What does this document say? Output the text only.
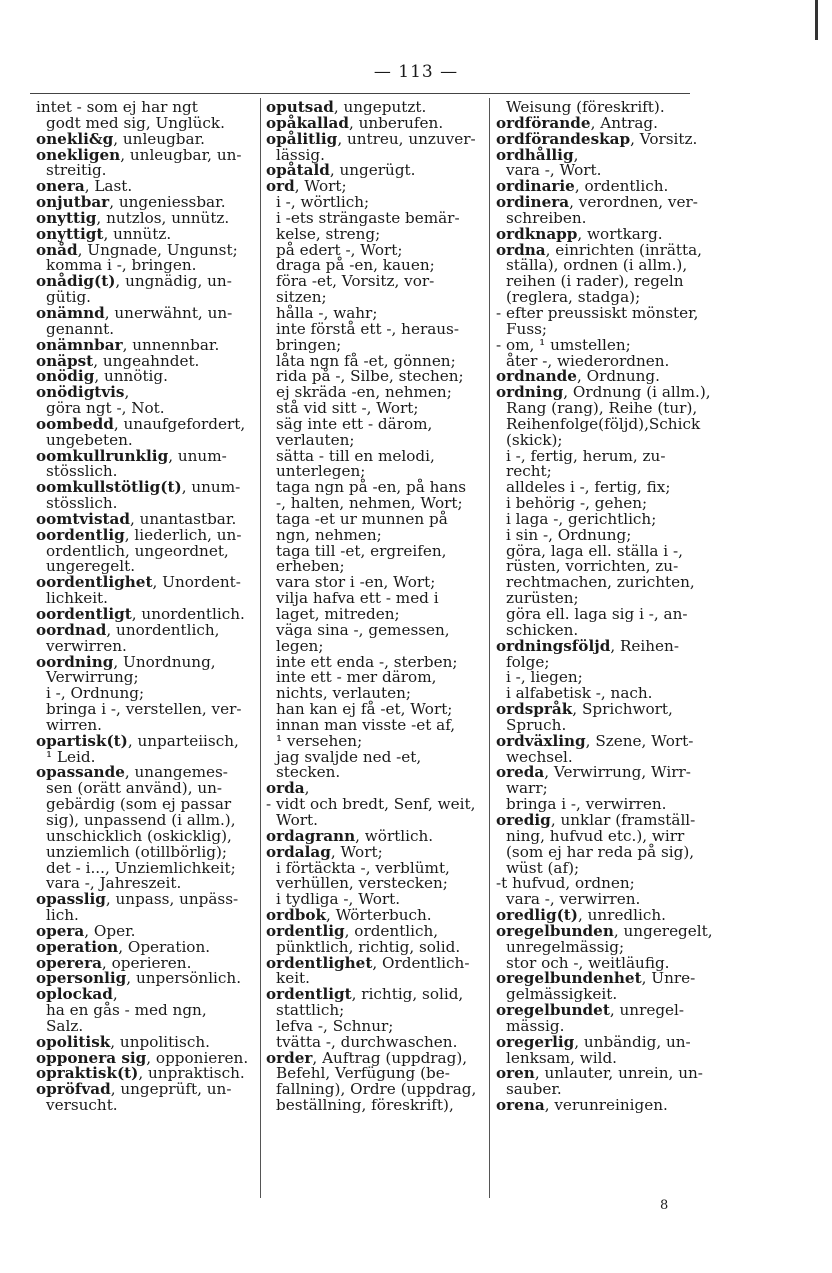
— 113 —
intet - som ej har ngt
godt med sig, Unglück.
onekli&g, unleugbar.
onekligen, unleugbar, un-
streitig.
onera, Last.
onjutbar, ungeniessbar.
onyttig, nutzlos, unnütz.
onyttigt, unnütz.
onåd, Ungnade, Ungunst;
komma i -, bringen.
onådig(t), ungnädig, un-
gütig.
onämnd, unerwähnt, un-
genannt.
onämnbar, unnennbar.
onäpst, ungeahndet.
onödig, unnötig.
onödigtvis,
göra ngt -, Not.
oombedd, unaufgefordert,
ungebeten.
oomkullrunklig, unum-
stösslich.
oomkullstötlig(t), unum-
stösslich.
oomtvistad, unantastbar.
oordentlig, liederlich, un-
ordentlich, ungeordnet,
ungeregelt.
oordentlighet, Unordent-
lichkeit.
oordentligt, unordentlich.
oordnad, unordentlich,
verwirren.
oordning, Unordnung,
Verwirrung;
i -, Ordnung;
bringa i -, verstellen, ver-
wirren.
opartisk(t), unparteiisch,
¹ Leid.
opassande, unangemes-
sen (orätt använd), un-
gebärdig (som ej passar
sig), unpassend (i allm.),
unschicklich (oskicklig),
unziemlich (otillbörlig);
det - i..., Unziemlichkeit;
vara -, Jahreszeit.
opasslig, unpass, unpäss-
lich.
opera, Oper.
operation, Operation.
operera, operieren.
opersonlig, unpersönlich.
oplockad,
ha en gås - med ngn,
Salz.
opolitisk, unpolitisch.
opponera sig, opponieren.
opraktisk(t), unpraktisch.
opröfvad, ungeprüft, un-
versucht.
oputsad, ungeputzt.
opåkallad, unberufen.
opålitlig, untreu, unzuver-
lässig.
opåtald, ungerügt.
ord, Wort;
i -, wörtlich;
i -ets strängaste bemär-
kelse, streng;
på edert -, Wort;
draga på -en, kauen;
föra -et, Vorsitz, vor-
sitzen;
hålla -, wahr;
inte förstå ett -, heraus-
bringen;
låta ngn få -et, gönnen;
rida på -, Silbe, stechen;
ej skräda -en, nehmen;
stå vid sitt -, Wort;
säg inte ett - därom,
verlauten;
sätta - till en melodi,
unterlegen;
taga ngn på -en, på hans
-, halten, nehmen, Wort;
taga -et ur munnen på
ngn, nehmen;
taga till -et, ergreifen,
erheben;
vara stor i -en, Wort;
vilja hafva ett - med i
laget, mitreden;
väga sina -, gemessen,
legen;
inte ett enda -, sterben;
inte ett - mer därom,
nichts, verlauten;
han kan ej få -et, Wort;
innan man visste -et af,
¹ versehen;
jag svaljde ned -et,
stecken.
orda,
- vidt och bredt, Senf, weit,
Wort.
ordagrann, wörtlich.
ordalag, Wort;
i förtäckta -, verblümt,
verhüllen, verstecken;
i tydliga -, Wort.
ordbok, Wörterbuch.
ordentlig, ordentlich,
pünktlich, richtig, solid.
ordentlighet, Ordentlich-
keit.
ordentligt, richtig, solid,
stattlich;
lefva -, Schnur;
tvätta -, durchwaschen.
order, Auftrag (uppdrag),
Befehl, Verfügung (be-
fallning), Ordre (uppdrag,
beställning, föreskrift),
Weisung (föreskrift).
ordförande, Antrag.
ordförandeskap, Vorsitz.
ordhållig,
vara -, Wort.
ordinarie, ordentlich.
ordinera, verordnen, ver-
schreiben.
ordknapp, wortkarg.
ordna, einrichten (inrätta,
ställa), ordnen (i allm.),
reihen (i rader), regeln
(reglera, stadga);
- efter preussiskt mönster,
Fuss;
- om, ¹ umstellen;
åter -, wiederordnen.
ordnande, Ordnung.
ordning, Ordnung (i allm.),
Rang (rang), Reihe (tur),
Reihenfolge(följd),Schick
(skick);
i -, fertig, herum, zu-
recht;
alldeles i -, fertig, fix;
i behörig -, gehen;
i laga -, gerichtlich;
i sin -, Ordnung;
göra, laga ell. ställa i -,
rüsten, vorrichten, zu-
rechtmachen, zurichten,
zurüsten;
göra ell. laga sig i -, an-
schicken.
ordningsföljd, Reihen-
folge;
i -, liegen;
i alfabetisk -, nach.
ordspråk, Sprichwort,
Spruch.
ordväxling, Szene, Wort-
wechsel.
oreda, Verwirrung, Wirr-
warr;
bringa i -, verwirren.
oredig, unklar (framställ-
ning, hufvud etc.), wirr
(som ej har reda på sig),
wüst (af);
-t hufvud, ordnen;
vara -, verwirren.
oredlig(t), unredlich.
oregelbunden, ungeregelt,
unregelmässig;
stor och -, weitläufig.
oregelbundenhet, Unre-
gelmässigkeit.
oregelbundet, unregel-
mässig.
oregerlig, unbändig, un-
lenksam, wild.
oren, unlauter, unrein, un-
sauber.
orena, verunreinigen.
8
